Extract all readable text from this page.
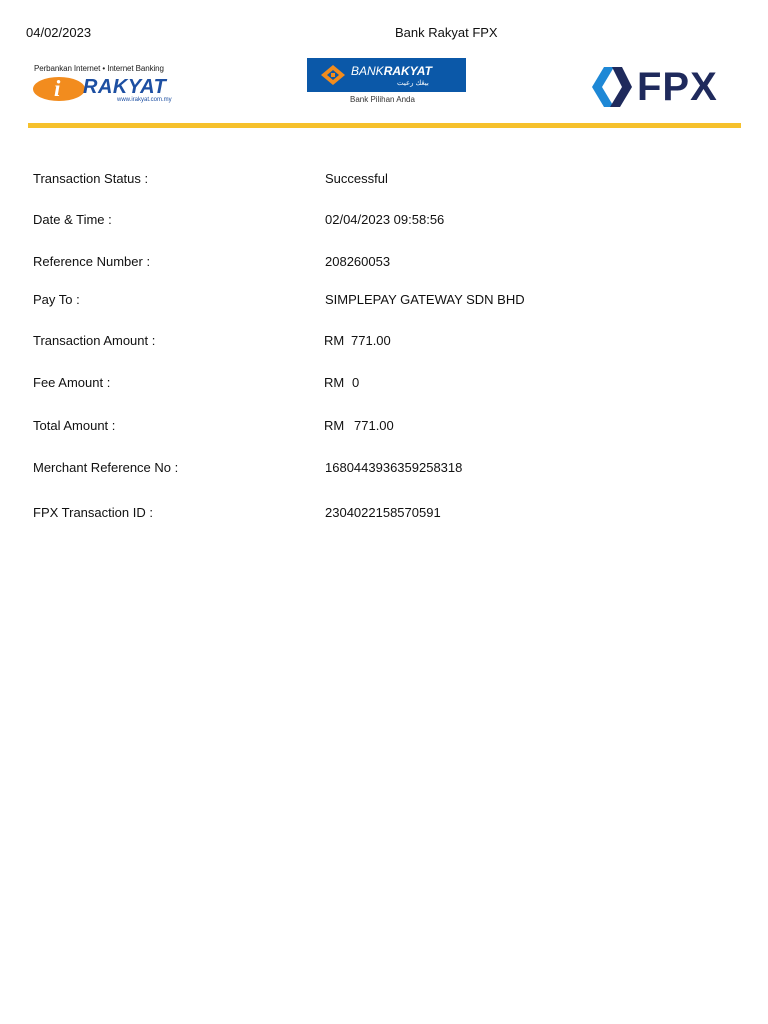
04/02/2023	Bank Rakyat FPX
Perbankan Internet • Internet Banking
i RAKYAT
www.irakyat.com.my
BANKRAKYAT
بيڠك رعيت
Bank Pilihan Anda	FPX
Transaction Status :	Successful
Date & Time :	02/04/2023 09:58:56
Reference Number :	208260053
Pay To :	SIMPLEPAY GATEWAY SDN BHD
Transaction Amount :	RM 771.00
Fee Amount :	RM 0
Total Amount :	RM 771.00
Merchant Reference No :	1680443936359258318
FPX Transaction ID :	2304022158570591
